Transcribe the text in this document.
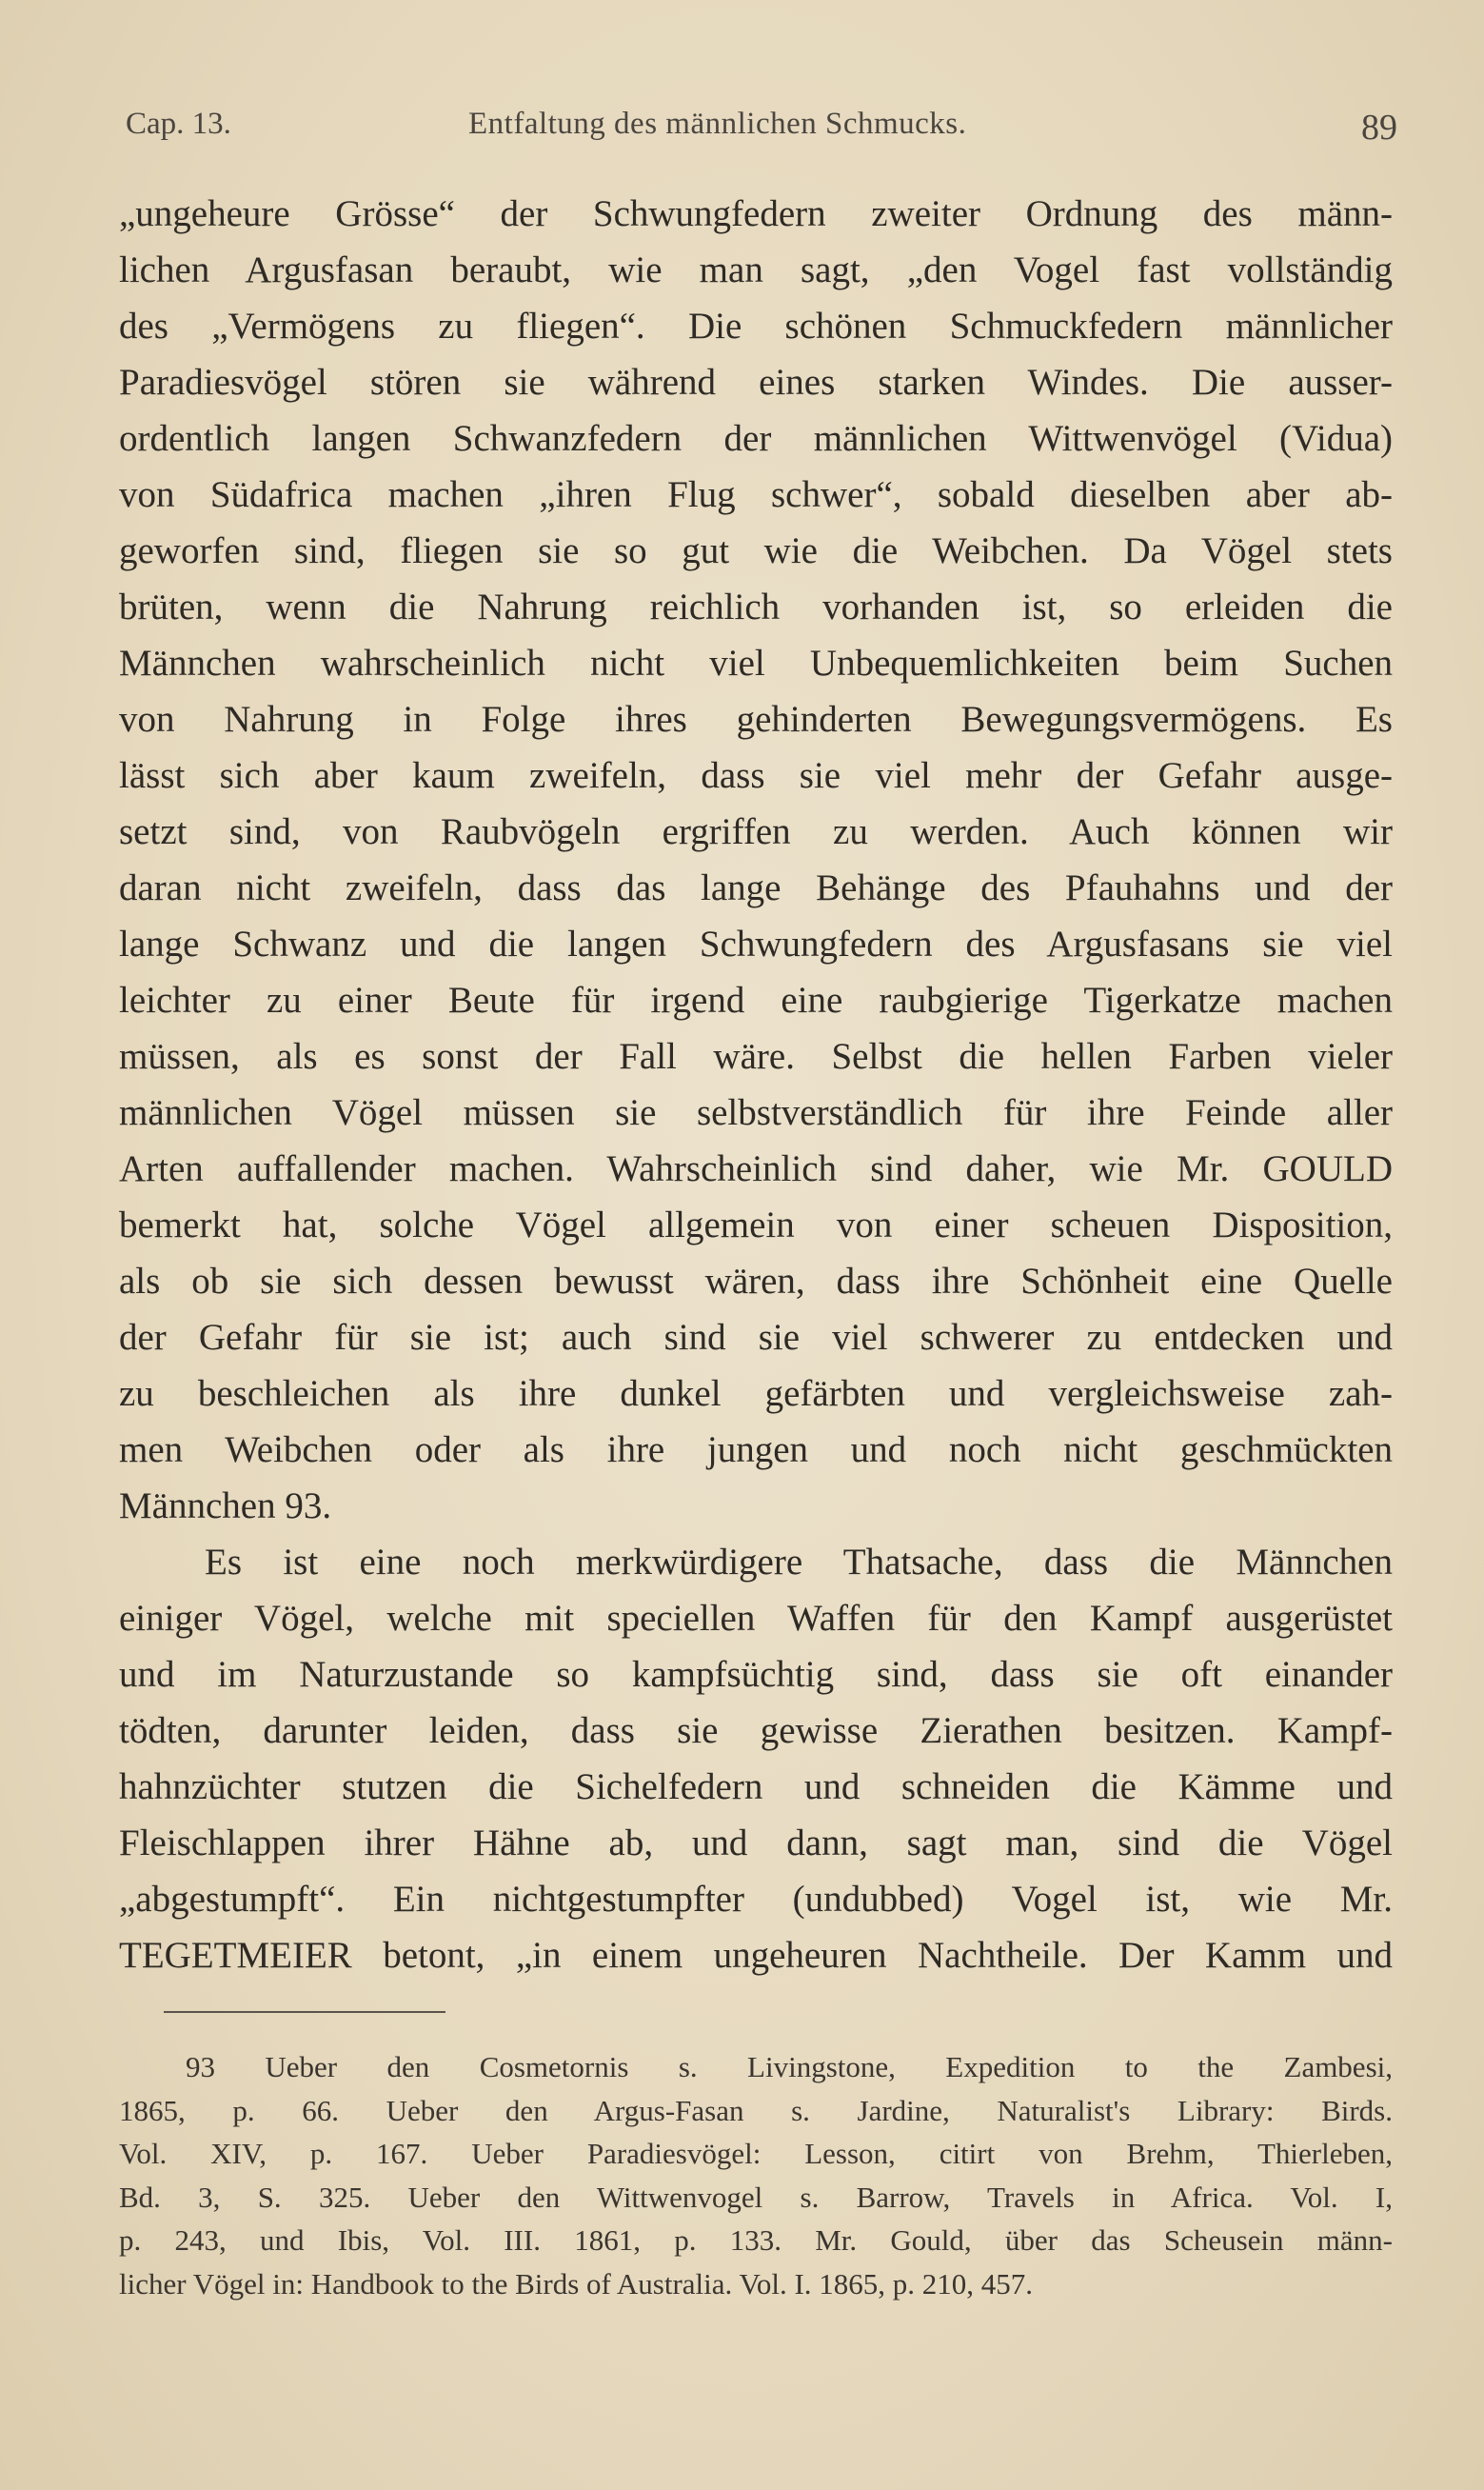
Cap. 13.	Entfaltung des männlichen Schmucks.	89
„ungeheure Grösse“ der Schwungfedern zweiter Ordnung des männ-
lichen Argusfasan beraubt, wie man sagt, „den Vogel fast vollständig
des „Vermögens zu fliegen“. Die schönen Schmuckfedern männlicher
Paradiesvögel stören sie während eines starken Windes. Die ausser-
ordentlich langen Schwanzfedern der männlichen Wittwenvögel (Vidua)
von Südafrica machen „ihren Flug schwer“, sobald dieselben aber ab-
geworfen sind, fliegen sie so gut wie die Weibchen. Da Vögel stets
brüten, wenn die Nahrung reichlich vorhanden ist, so erleiden die
Männchen wahrscheinlich nicht viel Unbequemlichkeiten beim Suchen
von Nahrung in Folge ihres gehinderten Bewegungsvermögens. Es
lässt sich aber kaum zweifeln, dass sie viel mehr der Gefahr ausge-
setzt sind, von Raubvögeln ergriffen zu werden. Auch können wir
daran nicht zweifeln, dass das lange Behänge des Pfauhahns und der
lange Schwanz und die langen Schwungfedern des Argusfasans sie viel
leichter zu einer Beute für irgend eine raubgierige Tigerkatze machen
müssen, als es sonst der Fall wäre. Selbst die hellen Farben vieler
männlichen Vögel müssen sie selbstverständlich für ihre Feinde aller
Arten auffallender machen. Wahrscheinlich sind daher, wie Mr. GOULD
bemerkt hat, solche Vögel allgemein von einer scheuen Disposition,
als ob sie sich dessen bewusst wären, dass ihre Schönheit eine Quelle
der Gefahr für sie ist; auch sind sie viel schwerer zu entdecken und
zu beschleichen als ihre dunkel gefärbten und vergleichsweise zah-
men Weibchen oder als ihre jungen und noch nicht geschmückten
Männchen 93.
Es ist eine noch merkwürdigere Thatsache, dass die Männchen
einiger Vögel, welche mit speciellen Waffen für den Kampf ausgerüstet
und im Naturzustande so kampfsüchtig sind, dass sie oft einander
tödten, darunter leiden, dass sie gewisse Zierathen besitzen. Kampf-
hahnzüchter stutzen die Sichelfedern und schneiden die Kämme und
Fleischlappen ihrer Hähne ab, und dann, sagt man, sind die Vögel
„abgestumpft“. Ein nichtgestumpfter (undubbed) Vogel ist, wie Mr.
TEGETMEIER betont, „in einem ungeheuren Nachtheile. Der Kamm und
93 Ueber den Cosmetornis s. Livingstone, Expedition to the Zambesi,
1865, p. 66. Ueber den Argus-Fasan s. Jardine, Naturalist's Library: Birds.
Vol. XIV, p. 167. Ueber Paradiesvögel: Lesson, citirt von Brehm, Thierleben,
Bd. 3, S. 325. Ueber den Wittwenvogel s. Barrow, Travels in Africa. Vol. I,
p. 243, und Ibis, Vol. III. 1861, p. 133. Mr. Gould, über das Scheusein männ-
licher Vögel in: Handbook to the Birds of Australia. Vol. I. 1865, p. 210, 457.
